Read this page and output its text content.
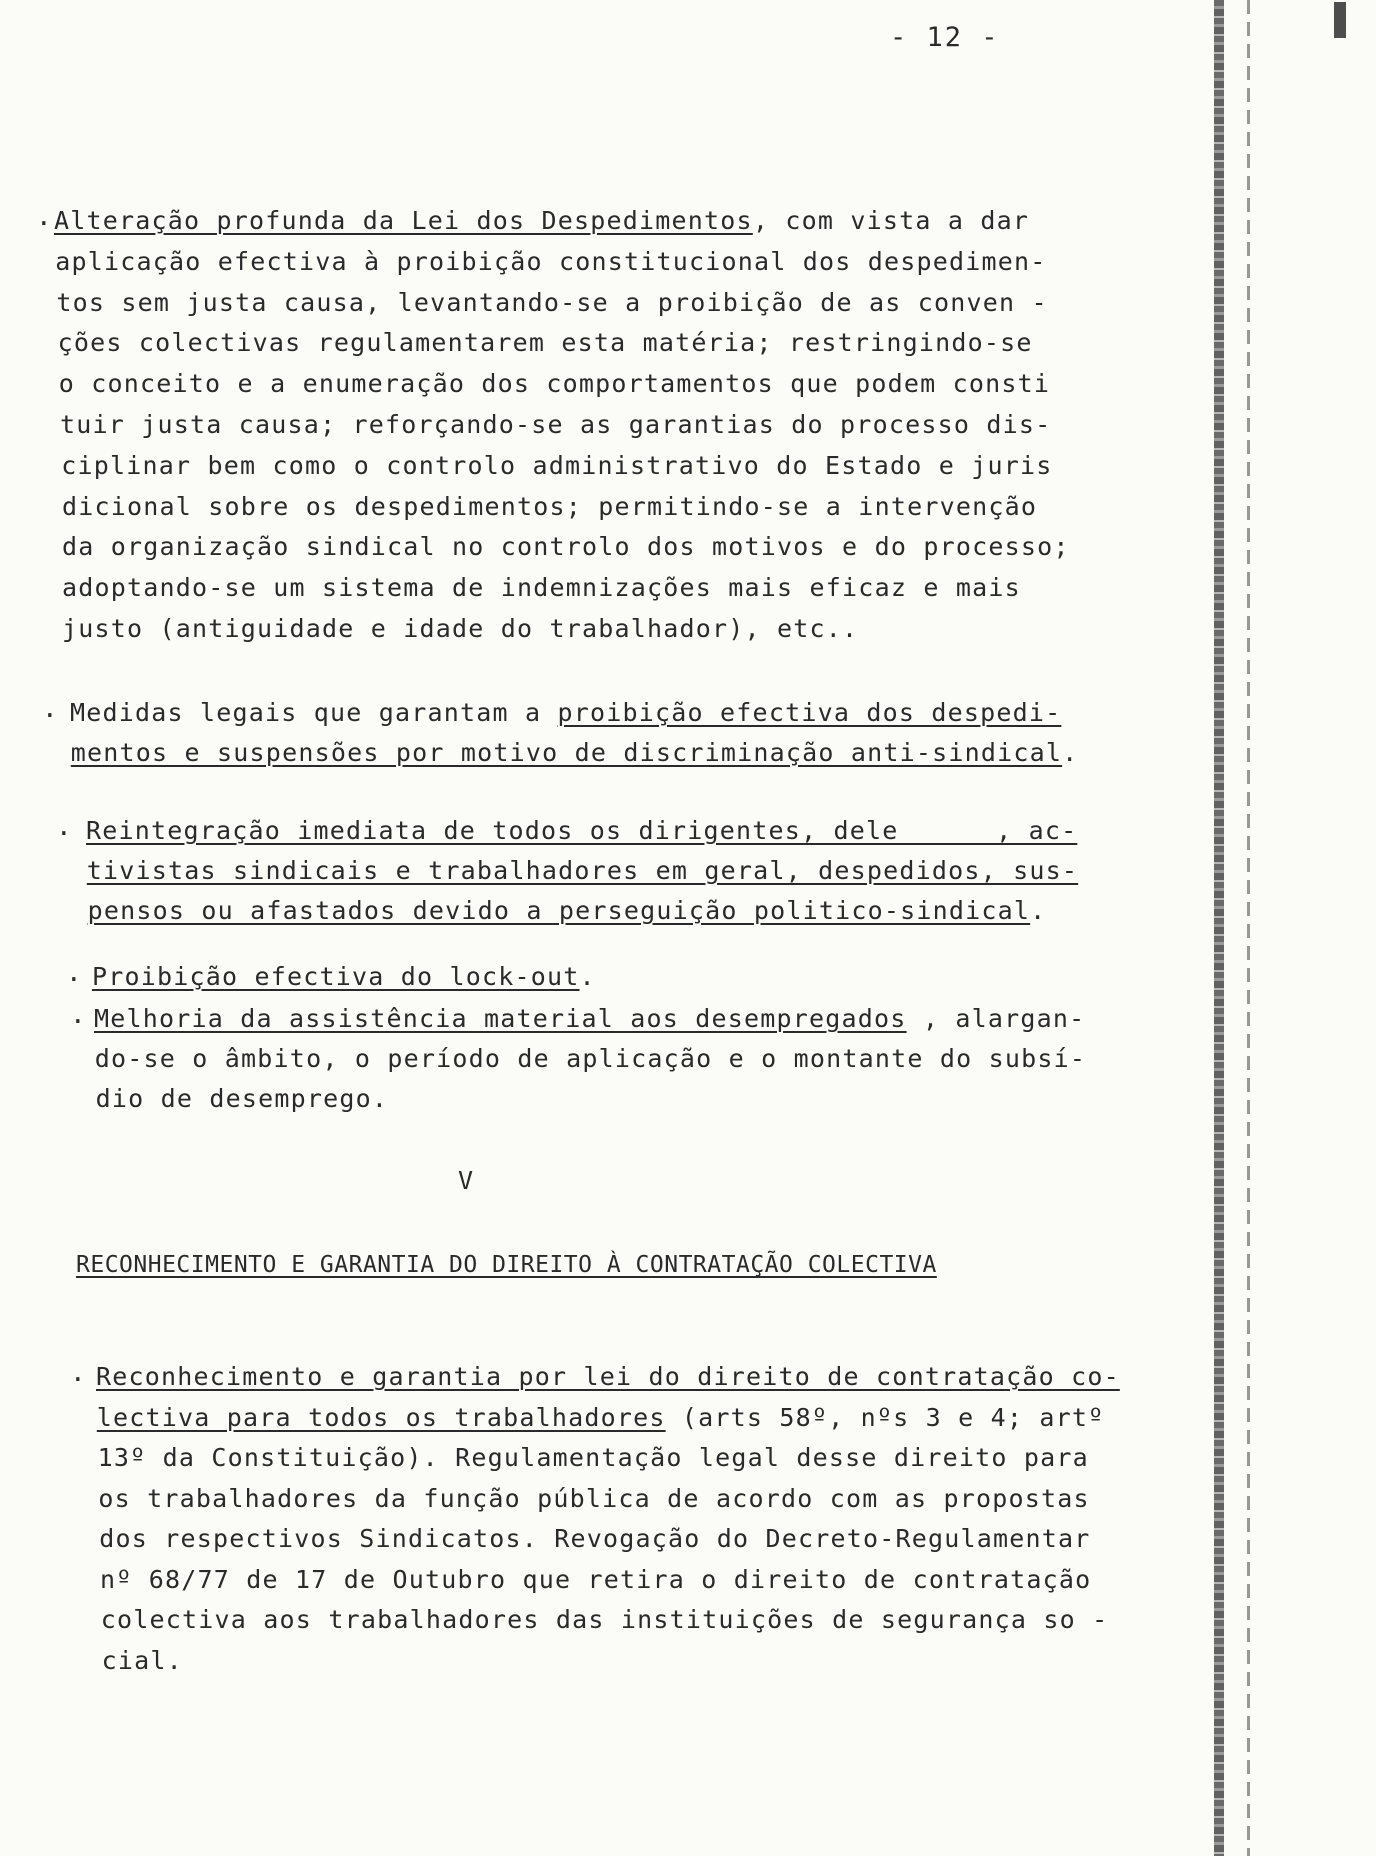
- 12 -
. Alteração profunda da Lei dos Despedimentos, com vista a dar
aplicação efectiva à proibição constitucional dos despedimen-
tos sem justa causa, levantando-se a proibição de as conven -
ções colectivas regulamentarem esta matéria; restringindo-se
o conceito e a enumeração dos comportamentos que podem consti
tuir justa causa; reforçando-se as garantias do processo dis-
ciplinar bem como o controlo administrativo do Estado e juris
dicional sobre os despedimentos; permitindo-se a intervenção
da organização sindical no controlo dos motivos e do processo;
adoptando-se um sistema de indemnizações mais eficaz e mais
justo (antiguidade e idade do trabalhador), etc..
. Medidas legais que garantam a proibição efectiva dos despedi-
mentos e suspensões por motivo de discriminação anti-sindical.
. Reintegração imediata de todos os dirigentes, dele      , ac-
tivistas sindicais e trabalhadores em geral, despedidos, sus-
pensos ou afastados devido a perseguição politico-sindical.
. Proibição efectiva do lock-out.
. Melhoria da assistência material aos desempregados , alargan-
do-se o âmbito, o período de aplicação e o montante do subsí-
dio de desemprego.
. Reconhecimento e garantia por lei do direito de contratação co-
lectiva para todos os trabalhadores (arts 58º, nºs 3 e 4; artº
13º da Constituição). Regulamentação legal desse direito para
os trabalhadores da função pública de acordo com as propostas
dos respectivos Sindicatos. Revogação do Decreto-Regulamentar
nº 68/77 de 17 de Outubro que retira o direito de contratação
colectiva aos trabalhadores das instituições de segurança so -
cial.
V
RECONHECIMENTO E GARANTIA DO DIREITO À CONTRATAÇÃO COLECTIVA
